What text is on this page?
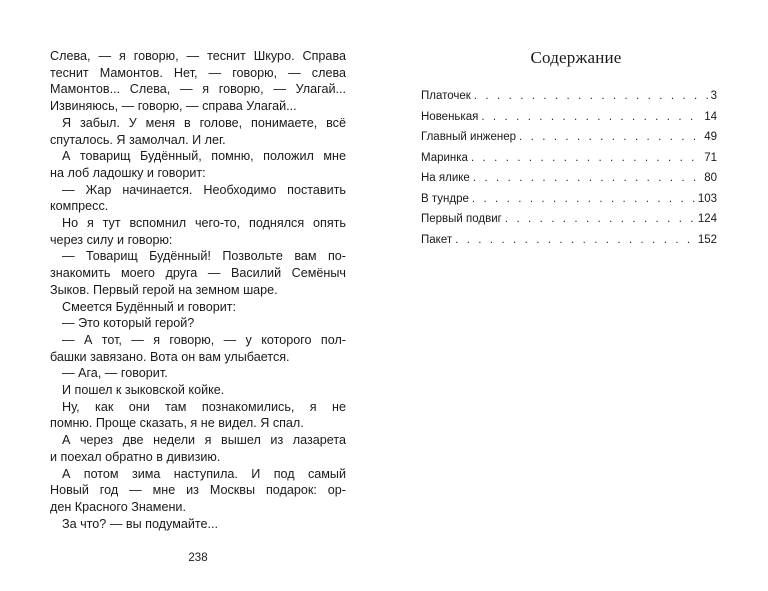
Слева, — я говорю, — теснит Шкуро. Справа
теснит Мамонтов. Нет, — говорю, — слева
Мамонтов... Слева, — я говорю, — Улагай...
Извиняюсь, — говорю, — справа Улагай...
Я забыл. У меня в голове, понимаете, всё
спуталось. Я замолчал. И лег.
А товарищ Будённый, помню, положил мне
на лоб ладошку и говорит:
— Жар начинается. Необходимо поставить
компресс.
Но я тут вспомнил чего-то, поднялся опять
через силу и говорю:
— Товарищ Будённый! Позвольте вам по-
знакомить моего друга — Василий Семёныч
Зыков. Первый герой на земном шаре.
Смеется Будённый и говорит:
— Это который герой?
— А тот, — я говорю, — у которого пол-
башки завязано. Вота он вам улыбается.
— Ага, — говорит.
И пошел к зыковской койке.
Ну, как они там познакомились, я не
помню. Проще сказать, я не видел. Я спал.
А через две недели я вышел из лазарета
и поехал обратно в дивизию.
А потом зима наступила. И под самый
Новый год — мне из Москвы подарок: ор-
ден Красного Знамени.
За что? — вы подумайте...
238
Содержание
Платочек . . .	3
Новенькая . . .	14
Главный инженер . . .	49
Маринка . . .	71
На ялике . . .	80
В тундре . . .	103
Первый подвиг . . .	124
Пакет . . .	152
